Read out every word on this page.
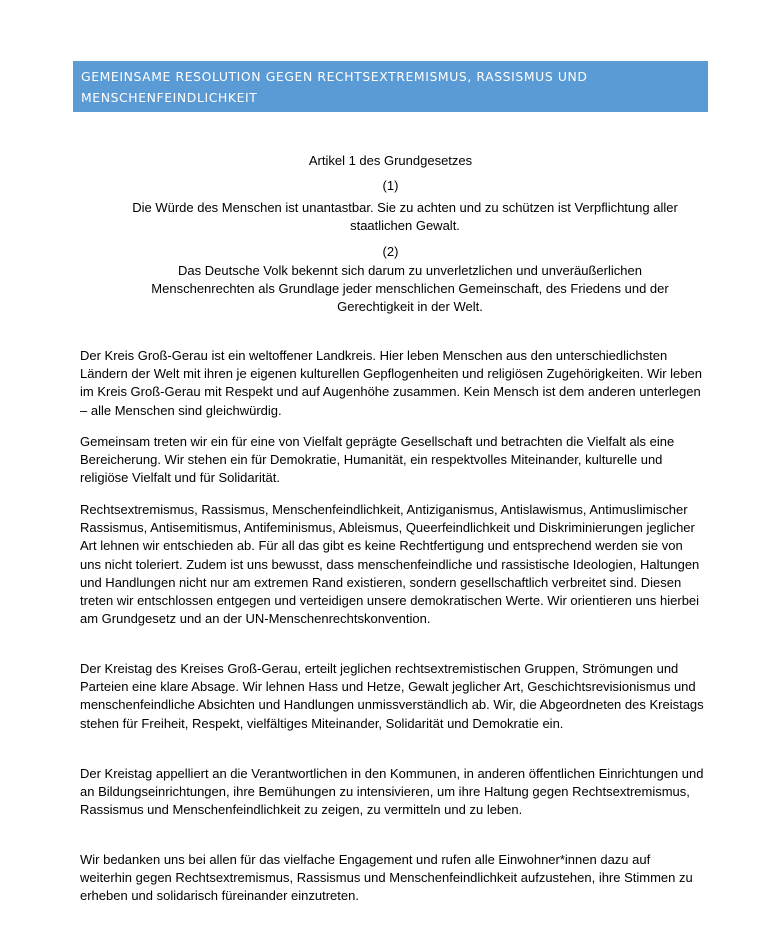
GEMEINSAME RESOLUTION GEGEN RECHTSEXTREMISMUS, RASSISMUS UND MENSCHENFEINDLICHKEIT

Artikel 1 des Grundgesetzes
(1)
Die Würde des Menschen ist unantastbar. Sie zu achten und zu schützen ist Verpflichtung aller staatlichen Gewalt.
(2)
Das Deutsche Volk bekennt sich darum zu unverletzlichen und unveräußerlichen Menschenrechten als Grundlage jeder menschlichen Gemeinschaft, des Friedens und der Gerechtigkeit in der Welt.

Der Kreis Groß-Gerau ist ein weltoffener Landkreis. Hier leben Menschen aus den unterschiedlichsten Ländern der Welt mit ihren je eigenen kulturellen Gepflogenheiten und religiösen Zugehörigkeiten. Wir leben im Kreis Groß-Gerau mit Respekt und auf Augenhöhe zusammen. Kein Mensch ist dem anderen unterlegen – alle Menschen sind gleichwürdig.

Gemeinsam treten wir ein für eine von Vielfalt geprägte Gesellschaft und betrachten die Vielfalt als eine Bereicherung. Wir stehen ein für Demokratie, Humanität, ein respektvolles Miteinander, kulturelle und religiöse Vielfalt und für Solidarität.

Rechtsextremismus, Rassismus, Menschenfeindlichkeit, Antiziganismus, Antislawismus, Antimuslimischer Rassismus, Antisemitismus, Antifeminismus, Ableismus, Queerfeindlichkeit und Diskriminierungen jeglicher Art lehnen wir entschieden ab. Für all das gibt es keine Rechtfertigung und entsprechend werden sie von uns nicht toleriert. Zudem ist uns bewusst, dass menschenfeindliche und rassistische Ideologien, Haltungen und Handlungen nicht nur am extremen Rand existieren, sondern gesellschaftlich verbreitet sind. Diesen treten wir entschlossen entgegen und verteidigen unsere demokratischen Werte. Wir orientieren uns hierbei am Grundgesetz und an der UN-Menschenrechtskonvention.

Der Kreistag des Kreises Groß-Gerau, erteilt jeglichen rechtsextremistischen Gruppen, Strömungen und Parteien eine klare Absage. Wir lehnen Hass und Hetze, Gewalt jeglicher Art, Geschichtsrevisionismus und menschenfeindliche Absichten und Handlungen unmissverständlich ab. Wir, die Abgeordneten des Kreistags stehen für Freiheit, Respekt, vielfältiges Miteinander, Solidarität und Demokratie ein.

Der Kreistag appelliert an die Verantwortlichen in den Kommunen, in anderen öffentlichen Einrichtungen und an Bildungseinrichtungen, ihre Bemühungen zu intensivieren, um ihre Haltung gegen Rechtsextremismus, Rassismus und Menschenfeindlichkeit zu zeigen, zu vermitteln und zu leben.

Wir bedanken uns bei allen für das vielfache Engagement und rufen alle Einwohner*innen dazu auf weiterhin gegen Rechtsextremismus, Rassismus und Menschenfeindlichkeit aufzustehen, ihre Stimmen zu erheben und solidarisch füreinander einzutreten.
